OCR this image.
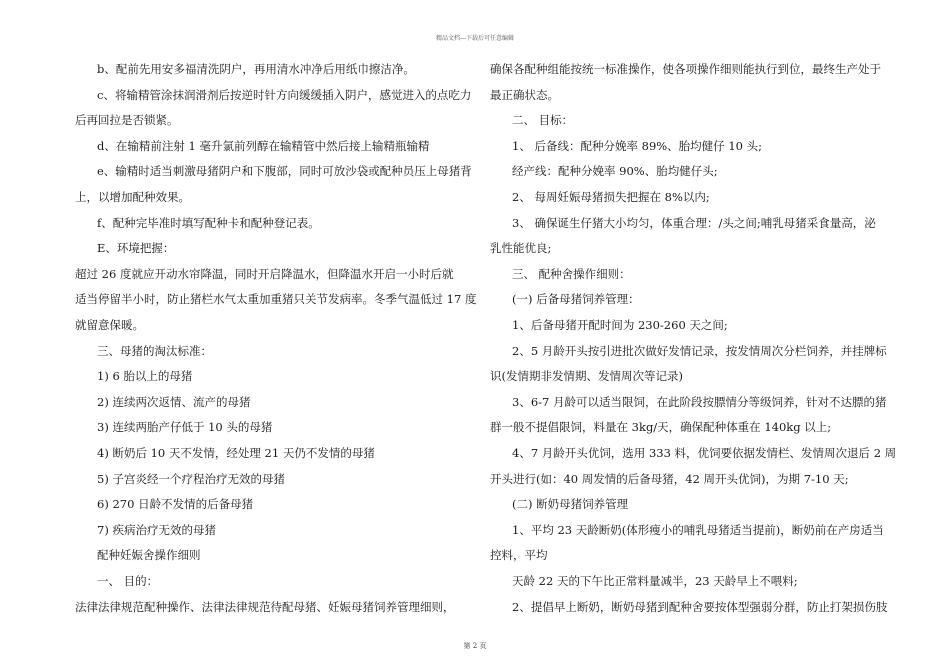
精品文档---下载后可任意编辑
b、配前先用安多福清洗阴户，再用清水冲净后用纸巾擦洁净。
c、将输精管涂抹润滑剂后按逆时针方向缓缓插入阴户，感觉进入的点吃力
后再回拉是否锁紧。
d、在输精前注射 1 毫升氯前列醇在输精管中然后接上输精瓶输精
e、输精时适当刺激母猪阴户和下腹部，同时可放沙袋或配种员压上母猪背
上，以增加配种效果。
f、配种完毕准时填写配种卡和配种登记表。
E、环境把握：
超过 26 度就应开动水帘降温，同时开启降温水，但降温水开启一小时后就
适当停留半小时，防止猪栏水气太重加重猪只关节发病率。冬季气温低过 17 度
就留意保暖。
三、母猪的淘汰标准：
1) 6 胎以上的母猪
2) 连续两次返情、流产的母猪
3) 连续两胎产仔低于 10 头的母猪
4) 断奶后 10 天不发情，经处理 21 天仍不发情的母猪
5) 子宫炎经一个疗程治疗无效的母猪
6) 270 日龄不发情的后备母猪
7) 疾病治疗无效的母猪
配种妊娠舍操作细则
一、 目的：
法律法律规范配种操作、法律法律规范待配母猪、妊娠母猪饲养管理细则，
确保各配种组能按统一标准操作，使各项操作细则能执行到位，最终生产处于
最正确状态。
二、 目标：
1、 后备线：配种分娩率 89%、胎均健仔 10 头;
经产线：配种分娩率 90%、胎均健仔头;
2、 每周妊娠母猪损失把握在 8%以内;
3、 确保诞生仔猪大小均匀，体重合理：/头之间;哺乳母猪采食量高，泌
乳性能优良;
三、 配种舍操作细则：
(一) 后备母猪饲养管理：
1、后备母猪开配时间为 230-260 天之间;
2、5 月龄开头按引进批次做好发情记录，按发情周次分栏饲养，并挂牌标
识(发情期非发情期、发情周次等记录)
3、6-7 月龄可以适当限饲，在此阶段按膘情分等级饲养，针对不达膘的猪
群一般不提倡限饲，料量在 3kg/天，确保配种体重在 140kg 以上;
4、7 月龄开头优饲，选用 333 料，优饲要依据发情栏、发情周次退后 2 周
开头进行(如：40 周发情的后备母猪，42 周开头优饲)，为期 7-10 天;
(二) 断奶母猪饲养管理
1、平均 23 天龄断奶(体形瘦小的哺乳母猪适当提前)，断奶前在产房适当
控料，平均
天龄 22 天的下午比正常料量减半，23 天龄早上不喂料;
2、提倡早上断奶，断奶母猪到配种舍要按体型强弱分群，防止打架损伤肢
第 2 页
